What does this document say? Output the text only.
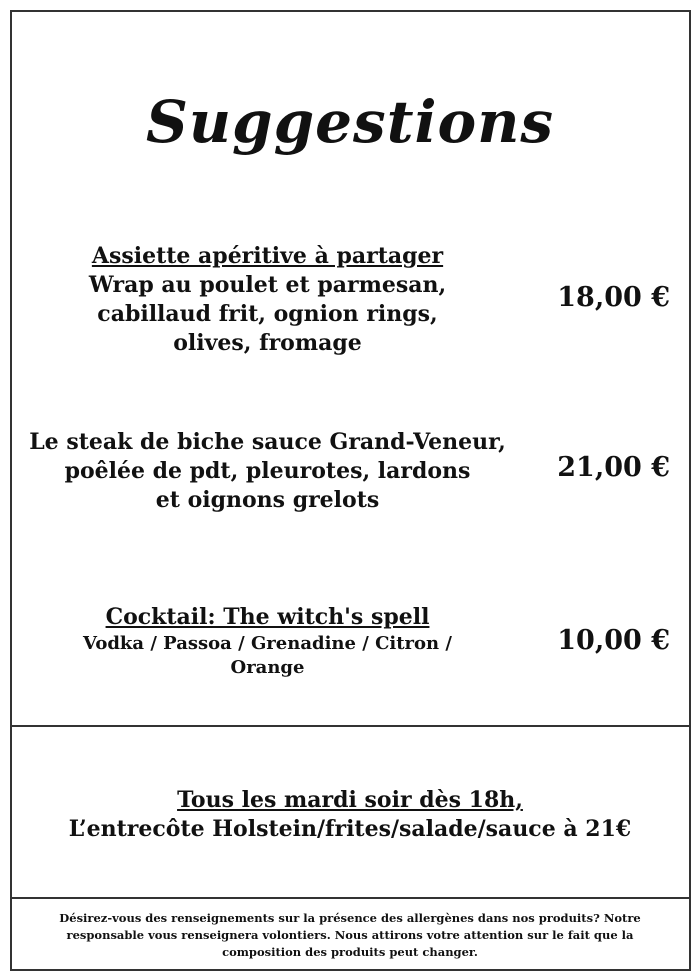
Suggestions
Assiette apéritive à partager
Wrap au poulet et parmesan,
cabillaud frit, ognion rings,
olives, fromage
18,00 €
Le steak de biche sauce Grand-Veneur,
poêlée de pdt, pleurotes, lardons
et oignons grelots
21,00 €
Cocktail: The witch's spell
Vodka / Passoa / Grenadine / Citron /
Orange
10,00 €
Tous les mardi soir dès 18h,
L’entrecôte Holstein/frites/salade/sauce à 21€
Désirez-vous des renseignements sur la présence des allergènes dans nos produits? Notre
responsable vous renseignera volontiers. Nous attirons votre attention sur le fait que la
composition des produits peut changer.
